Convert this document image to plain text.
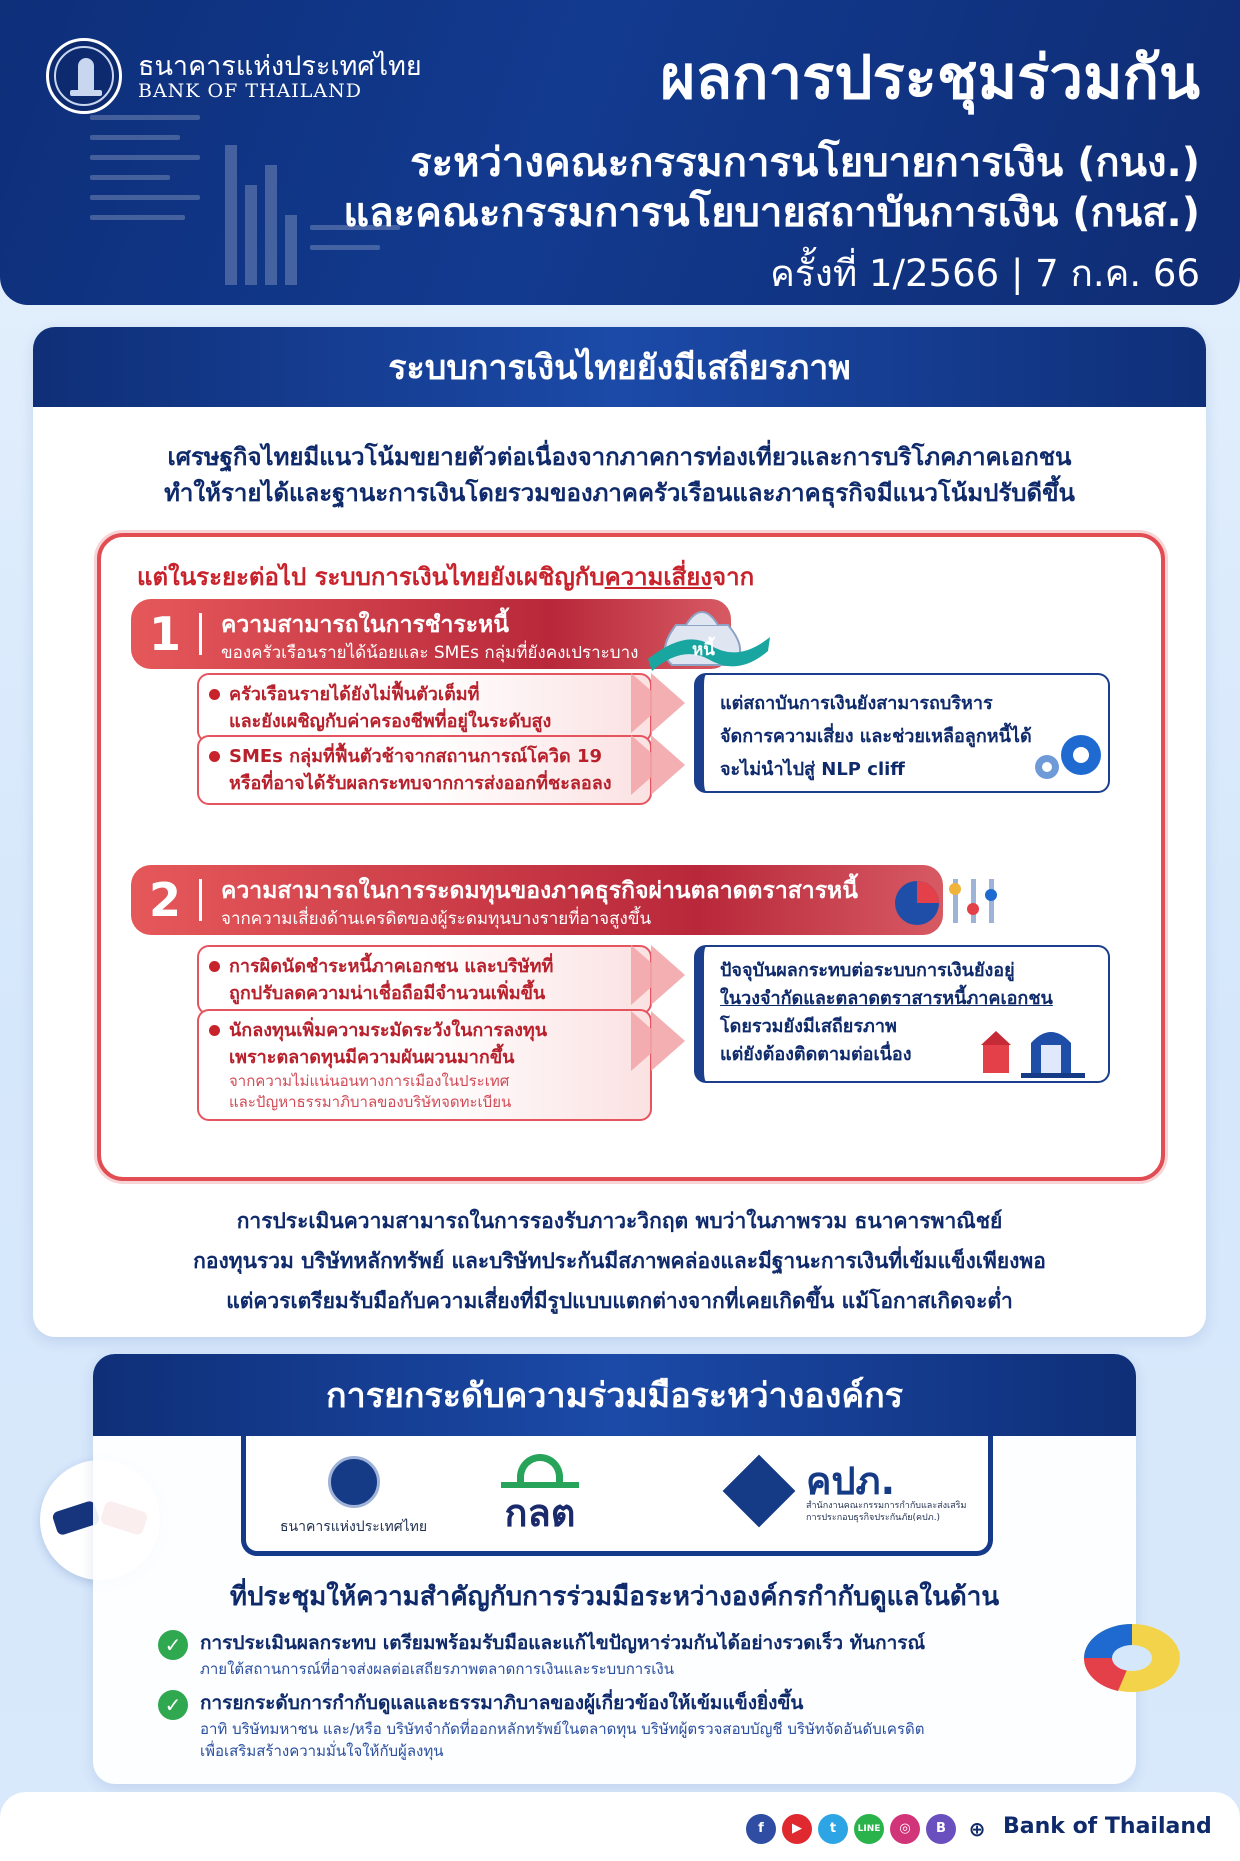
ธนาคารแห่งประเทศไทย
BANK OF THAILAND	ผลการประชุมร่วมกัน
ระหว่างคณะกรรมการนโยบายการเงิน (กนง.)
และคณะกรรมการนโยบายสถาบันการเงิน (กนส.)
ครั้งที่ 1/2566 | 7 ก.ค. 66
ระบบการเงินไทยยังมีเสถียรภาพ
เศรษฐกิจไทยมีแนวโน้มขยายตัวต่อเนื่องจากภาคการท่องเที่ยวและการบริโภคภาคเอกชน
ทำให้รายได้และฐานะการเงินโดยรวมของภาคครัวเรือนและภาคธุรกิจมีแนวโน้มปรับดีขึ้น
แต่ในระยะต่อไป ระบบการเงินไทยยังเผชิญกับความเสี่ยงจาก
1 ความสามารถในการชำระหนี้
ของครัวเรือนรายได้น้อยและ SMEs กลุ่มที่ยังคงเปราะบาง	หนี้
ครัวเรือนรายได้ยังไม่ฟื้นตัวเต็มที่
และยังเผชิญกับค่าครองชีพที่อยู่ในระดับสูง
SMEs กลุ่มที่ฟื้นตัวช้าจากสถานการณ์โควิด 19
หรือที่อาจได้รับผลกระทบจากการส่งออกที่ชะลอลง
แต่สถาบันการเงินยังสามารถบริหาร
จัดการความเสี่ยง และช่วยเหลือลูกหนี้ได้
จะไม่นำไปสู่ NLP cliff
2 ความสามารถในการระดมทุนของภาคธุรกิจผ่านตลาดตราสารหนี้
จากความเสี่ยงด้านเครดิตของผู้ระดมทุนบางรายที่อาจสูงขึ้น
การผิดนัดชำระหนี้ภาคเอกชน และบริษัทที่
ถูกปรับลดความน่าเชื่อถือมีจำนวนเพิ่มขึ้น
นักลงทุนเพิ่มความระมัดระวังในการลงทุน
เพราะตลาดทุนมีความผันผวนมากขึ้น
จากความไม่แน่นอนทางการเมืองในประเทศ
และปัญหาธรรมาภิบาลของบริษัทจดทะเบียน
ปัจจุบันผลกระทบต่อระบบการเงินยังอยู่
ในวงจำกัดและตลาดตราสารหนี้ภาคเอกชน
โดยรวมยังมีเสถียรภาพ
แต่ยังต้องติดตามต่อเนื่อง
การประเมินความสามารถในการรองรับภาวะวิกฤต พบว่าในภาพรวม ธนาคารพาณิชย์
กองทุนรวม บริษัทหลักทรัพย์ และบริษัทประกันมีสภาพคล่องและมีฐานะการเงินที่เข้มแข็งเพียงพอ
แต่ควรเตรียมรับมือกับความเสี่ยงที่มีรูปแบบแตกต่างจากที่เคยเกิดขึ้น แม้โอกาสเกิดจะต่ำ
การยกระดับความร่วมมือระหว่างองค์กร
ธนาคารแห่งประเทศไทย กลต
คปภ.
สำนักงานคณะกรรมการกำกับและส่งเสริม
การประกอบธุรกิจประกันภัย(คปภ.)
ที่ประชุมให้ความสำคัญกับการร่วมมือระหว่างองค์กรกำกับดูแลในด้าน
✓ การประเมินผลกระทบ เตรียมพร้อมรับมือและแก้ไขปัญหาร่วมกันได้อย่างรวดเร็ว ทันการณ์
ภายใต้สถานการณ์ที่อาจส่งผลต่อเสถียรภาพตลาดการเงินและระบบการเงิน
✓ การยกระดับการกำกับดูแลและธรรมาภิบาลของผู้เกี่ยวข้องให้เข้มแข็งยิ่งขึ้น
อาทิ บริษัทมหาชน และ/หรือ บริษัทจำกัดที่ออกหลักทรัพย์ในตลาดทุน บริษัทผู้ตรวจสอบบัญชี บริษัทจัดอันดับเครดิต
เพื่อเสริมสร้างความมั่นใจให้กับผู้ลงทุน
f	▶	t	LINE	◎	B	⊕ Bank of Thailand
